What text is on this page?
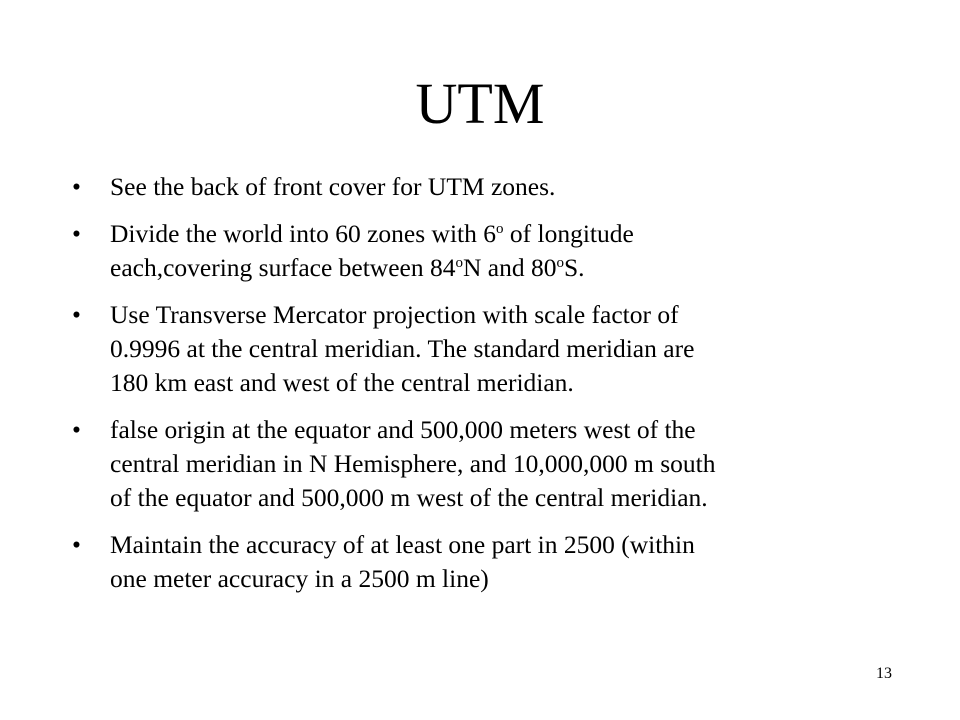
UTM
• See the back of front cover for UTM zones.
• Divide the world into 60 zones with 6$^o$ of longitude
each,covering surface between 84$^o$N and 80$^o$S.
• Use Transverse Mercator projection with scale factor of
0.9996 at the central meridian. The standard meridian are
180 km east and west of the central meridian.
• false origin at the equator and 500,000 meters west of the
central meridian in N Hemisphere, and 10,000,000 m south
of the equator and 500,000 m west of the central meridian.
• Maintain the accuracy of at least one part in 2500 (within
one meter accuracy in a 2500 m line)
13
